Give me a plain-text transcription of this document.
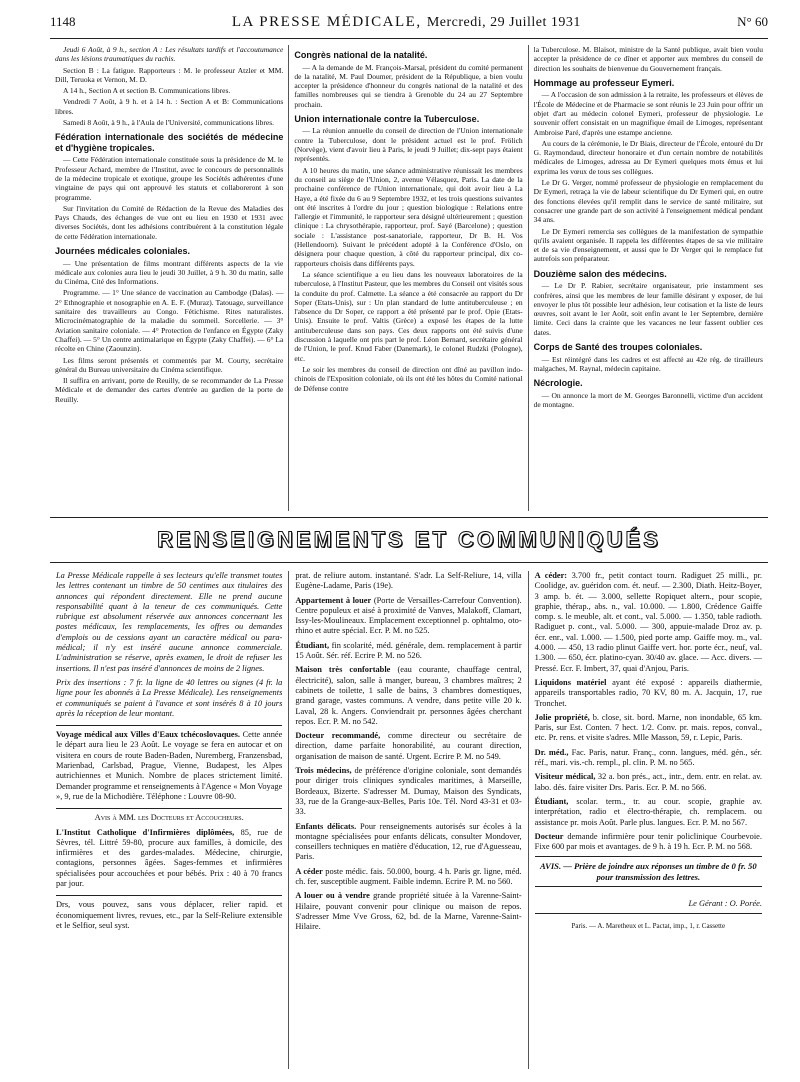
1148	LA PRESSE MÉDICALE, Mercredi, 29 Juillet 1931	N° 60

Jeudi 6 Août, à 9 h., section A : Les résultats tardifs et l'accoutumance dans les lésions traumatiques du rachis.

Section B : La fatigue. Rapporteurs : M. le professeur Atzler et MM. Dill, Teruoka et Vernon, M. D.

A 14 h., Section A et section B. Communications libres.

Vendredi 7 Août, à 9 h. et à 14 h. : Section A et B: Communications libres.

Samedi 8 Août, à 9 h., à l'Aula de l'Université, communications libres.

Fédération internationale des sociétés de médecine et d'hygiène tropicales.

— Cette Fédération internationale constituée sous la présidence de M. le Professeur Achard, membre de l'Institut, avec le concours de personnalités de la médecine tropicale et exotique, groupe les Sociétés adhérentes d'une vingtaine de pays qui ont approuvé les statuts et collaboreront à son programme.

Sur l'invitation du Comité de Rédaction de la Revue des Maladies des Pays Chauds, des échanges de vue ont eu lieu en 1930 et 1931 avec diverses Sociétés, dont les adhésions contribuèrent à la constitution légale de cette Fédération internationale.

Journées médicales coloniales.

— Une présentation de films montrant différents aspects de la vie médicale aux colonies aura lieu le jeudi 30 Juillet, à 9 h. 30 du matin, salle du Cinéma, Cité des Informations.

Programme. — 1° Une séance de vaccination au Cambodge (Dalas). — 2° Ethnographie et nosographie en A. E. F. (Muraz). Tatouage, surveillance sanitaire des travailleurs au Congo. Fétichisme. Rites naturalistes. Microcinématographie de la maladie du sommeil. Sorcellerie. — 3° Aviation sanitaire coloniale. — 4° Protection de l'enfance en Égypte (Zaky Chaffei). — 5° Un centre antimalarique en Égypte (Zaky Chaffei). — 6° La récolte en Chine (Zaounzin).

Les films seront présentés et commentés par M. Courty, secrétaire général du Bureau universitaire du Cinéma scientifique.

Il suffira en arrivant, porte de Reuilly, de se recommander de La Presse Médicale et de demander des cartes d'entrée au gardien de la porte de Reuilly.

Congrès national de la natalité.

— A la demande de M. François-Marsal, président du comité permanent de la natalité, M. Paul Doumer, président de la République, a bien voulu accepter la présidence d'honneur du congrès national de la natalité et des familles nombreuses qui se tiendra à Grenoble du 24 au 27 Septembre prochain.

Union internationale contre la Tuberculose.

— La réunion annuelle du conseil de direction de l'Union internationale contre la Tuberculose, dont le président actuel est le prof. Frölich (Norvège), vient d'avoir lieu à Paris, le jeudi 9 Juillet; dix-sept pays étaient représentés.

A 10 heures du matin, une séance administrative réunissait les membres du conseil au siège de l'Union, 2, avenue Vélasquez, Paris. La date de la prochaine conférence de l'Union internationale, qui doit avoir lieu à La Haye, a été fixée du 6 au 9 Septembre 1932, et les trois questions suivantes ont été inscrites à l'ordre du jour ; question biologique : Relations entre l'allergie et l'immunité, le rapporteur sera désigné ultérieurement ; question clinique : La chrysothérapie, rapporteur, prof. Sayé (Barcelone) ; question sociale : L'assistance post-sanatoriale, rapporteur, Dr B. H. Vos (Hellendoorn). Suivant le précédent adopté à la Conférence d'Oslo, on désignera pour chaque question, à côté du rapporteur principal, dix co-rapporteurs choisis dans différents pays.

La séance scientifique a eu lieu dans les nouveaux laboratoires de la tuberculose, à l'Institut Pasteur, que les membres du Conseil ont visités sous la conduite du prof. Calmette. La séance a été consacrée au rapport du Dr Soper (Etats-Unis), sur : Un plan standard de lutte antituberculeuse ; en l'absence du Dr Soper, ce rapport a été présenté par le prof. Opie (Etats-Unis). Ensuite le prof. Valtis (Grèce) a exposé les étapes de la lutte antituberculeuse dans son pays. Ces deux rapports ont été suivis d'une discussion à laquelle ont pris part le prof. Léon Bernard, secrétaire général de l'Union, le prof. Knud Faber (Danemark), le colonel Rudzki (Pologne), etc.

Le soir les membres du conseil de direction ont dîné au pavillon indo-chinois de l'Exposition coloniale, où ils ont été les hôtes du Comité national de Défense contre

la Tuberculose. M. Blaisot, ministre de la Santé publique, avait bien voulu accepter la présidence de ce dîner et apporter aux membres du conseil de direction les souhaits de bienvenue du Gouvernement français.

Hommage au professeur Eymeri.

— A l'occasion de son admission à la retraite, les professeurs et élèves de l'École de Médecine et de Pharmacie se sont réunis le 23 Juin pour offrir un objet d'art au médecin colonel Eymeri, professeur de physiologie. Le souvenir offert consistait en un magnifique émail de Limoges, représentant Ambroise Paré, d'après une estampe ancienne.

Au cours de la cérémonie, le Dr Biais, directeur de l'École, entouré du Dr G. Raymondaud, directeur honoraire et d'un certain nombre de notabilités médicales de Limoges, adressa au Dr Eymeri quelques mots émus et lui exprima les vœux de tous ses collègues.

Le Dr G. Verger, nommé professeur de physiologie en remplacement du Dr Eymeri, retraça la vie de labeur scientifique du Dr Eymeri qui, en outre des fonctions élevées qu'il remplit dans le service de santé militaire, sut consacrer une grande part de son activité à l'enseignement médical pendant 34 ans.

Le Dr Eymeri remercia ses collègues de la manifestation de sympathie qu'ils avaient organisée. Il rappela les différentes étapes de sa vie militaire et de sa vie d'enseignement, et aussi que le Dr Verger qui le remplace fut autrefois son préparateur.

Douzième salon des médecins.

— Le Dr P. Rabier, secrétaire organisateur, prie instamment ses confrères, ainsi que les membres de leur famille désirant y exposer, de lui envoyer le plus tôt possible leur adhésion, leur cotisation et la liste de leurs œuvres, soit avant le 1er Août, soit enfin avant le 1er Septembre, dernière limite. Ceci dans la crainte que les vacances ne leur fassent oublier ces dates.

Corps de Santé des troupes coloniales.

— Est réintégré dans les cadres et est affecté au 42e rég. de tirailleurs malgaches, M. Raynal, médecin capitaine.

Nécrologie.

— On annonce la mort de M. Georges Baronnelli, victime d'un accident de montagne.

RENSEIGNEMENTS ET COMMUNIQUÉS

La Presse Médicale rappelle à ses lecteurs qu'elle transmet toutes les lettres contenant un timbre de 50 centimes aux titulaires des annonces qui répondent directement. Elle ne prend aucune responsabilité quant à la teneur de ces communiqués. Cette rubrique est absolument réservée aux annonces concernant les postes médicaux, les remplacements, les offres ou demandes d'emplois ou de cessions ayant un caractère médical ou para-médical; il n'y est inséré aucune annonce commerciale. L'administration se réserve, après examen, le droit de refuser les insertions. Il n'est pas inséré d'annonces de moins de 2 lignes.

Prix des insertions : 7 fr. la ligne de 40 lettres ou signes (4 fr. la ligne pour les abonnés à La Presse Médicale). Les renseignements et communiqués se paient à l'avance et sont insérés 8 à 10 jours après la réception de leur montant.

Voyage médical aux Villes d'Eaux tchécoslovaques. Cette année le départ aura lieu le 23 Août. Le voyage se fera en autocar et on visitera en cours de route Baden-Baden, Nuremberg, Franzensbad, Marienbad, Carlsbad, Prague, Vienne, Budapest, les Alpes autrichiennes et Munich. Nombre de places strictement limité. Demander programme et renseignements à l'Agence « Mon Voyage », 9, rue de la Michodière. Téléphone : Louvre 08-90.

Avis à MM. les Docteurs et Accoucheurs.

L'Institut Catholique d'Infirmières diplômées, 85, rue de Sèvres, tél. Littré 59-80, procure aux familles, à domicile, des infirmières et des gardes-malades. Médecine, chirurgie, contagions, personnes âgées. Sages-femmes et infirmières spécialisées pour accouchées et pour bébés. Prix : 40 à 70 francs par jour.

Drs, vous pouvez, sans vous déplacer, relier rapid. et économiquement livres, revues, etc., par la Self-Reliure extensible et le Selfior, seul syst.

prat. de reliure autom. instantané. S'adr. La Self-Reliure, 14, villa Eugène-Ladame, Paris (19e).

Appartement à louer (Porte de Versailles-Carrefour Convention). Centre populeux et aisé à proximité de Vanves, Malakoff, Clamart, Issy-les-Moulineaux. Emplacement exceptionnel p. ophtalmo, oto-rhino et autre spécial. Ecr. P. M. no 525.

Étudiant, fin scolarité, méd. générale, dem. remplacement à partir 15 Août. Sér. réf. Ecrire P. M. no 526.

Maison très confortable (eau courante, chauffage central, électricité), salon, salle à manger, bureau, 3 chambres maîtres; 2 cabinets de toilette, 1 salle de bains, 3 chambres domestiques, grand garage, vastes communs. A vendre, dans petite ville 20 k. Laval, 28 k. Angers. Conviendrait pr. personnes âgées cherchant repos. Ecr. P. M. no 542.

Docteur recommandé, comme directeur ou secrétaire de direction, dame parfaite honorabilité, au courant direction, organisation de maison de santé. Urgent. Ecrire P. M. no 549.

Trois médecins, de préférence d'origine coloniale, sont demandés pour diriger trois cliniques syndicales maritimes, à Marseille, Bordeaux, Bizerte. S'adresser M. Dumay, Maison des Syndicats, 33, rue de la Grange-aux-Belles, Paris 10e. Tél. Nord 43-31 et 03-33.

Enfants délicats. Pour renseignements autorisés sur écoles à la montagne spécialisées pour enfants délicats, consulter Mondover, conseillers techniques en matière d'éducation, 12, rue d'Aguesseau, Paris.

A céder poste médic. fais. 50.000, bourg. 4 h. Paris gr. ligne, méd. ch. fer, susceptible augment. Faible indemn. Ecrire P. M. no 560.

A louer ou à vendre grande propriété située à la Varenne-Saint-Hilaire, pouvant convenir pour clinique ou maison de repos. S'adresser Mme Vve Gross, 62, bd. de la Marne, Varenne-Saint-Hilaire.

A céder: 3.700 fr., petit contact tourn. Radiguet 25 milli., pr. Coolidge, av. guéridon com. ét. neuf. — 2.300, Diath. Heitz-Boyer, 3 amp. b. ét. — 3.000, sellette Ropiquet altern., pour scopie, graphie, thérap., abs. n., val. 10.000. — 1.800, Crédence Gaiffe comp. s. le meuble, alt. et cont., val. 5.000. — 1.350, table radioth. Radiguet p. cont., val. 5.000. — 300, appuie-malade Droz av. p. écr. enr., val. 1.000. — 1.500, pied porte amp. Gaiffe moy. m., val. 4.000. — 450, 13 radio plinut Gaiffe vert. hor. porte écr., neuf, val. 1.300. — 650, écr. platino-cyan. 30/40 av. glace. — Acc. divers. — Pressé. Ecr. F. Imbert, 37, quai d'Anjou, Paris.

Liquidons matériel ayant été exposé : appareils diathermie, appareils transportables radio, 70 KV, 80 m. A. Jacquin, 17, rue Tronchet.

Jolie propriété, b. close, sit. bord. Marne, non inondable, 65 km. Paris, sur Est. Conten. 7 hect. 1/2. Conv. pr. mais. repos, conval., etc. Pr. rens. et visite s'adres. Mlle Masson, 59, r. Lepic, Paris.

Dr. méd., Fac. Paris, natur. Franç., conn. langues, méd. gén., sér. réf., mari. vis.-ch. rempl., pl. clin. P. M. no 565.

Visiteur médical, 32 a. bon prés., act., intr., dem. entr. en relat. av. labo. dés. faire visiter Drs. Paris. Ecr. P. M. no 566.

Étudiant, scolar. term., tr. au cour. scopie, graphie av. interprétation, radio et électro-thérapie, ch. remplacem. ou assistance pr. mois Août. Parle plus. langues. Ecr. P. M. no 567.

Docteur demande infirmière pour tenir policlinique Courbevoie. Fixe 600 par mois et avantages. de 9 h. à 19 h. Ecr. P. M. no 568.

AVIS. — Prière de joindre aux réponses un timbre de 0 fr. 50 pour transmission des lettres.

Le Gérant : O. Porée.

Paris. — A. Maretheux et L. Pactat, imp., 1, r. Cassette
